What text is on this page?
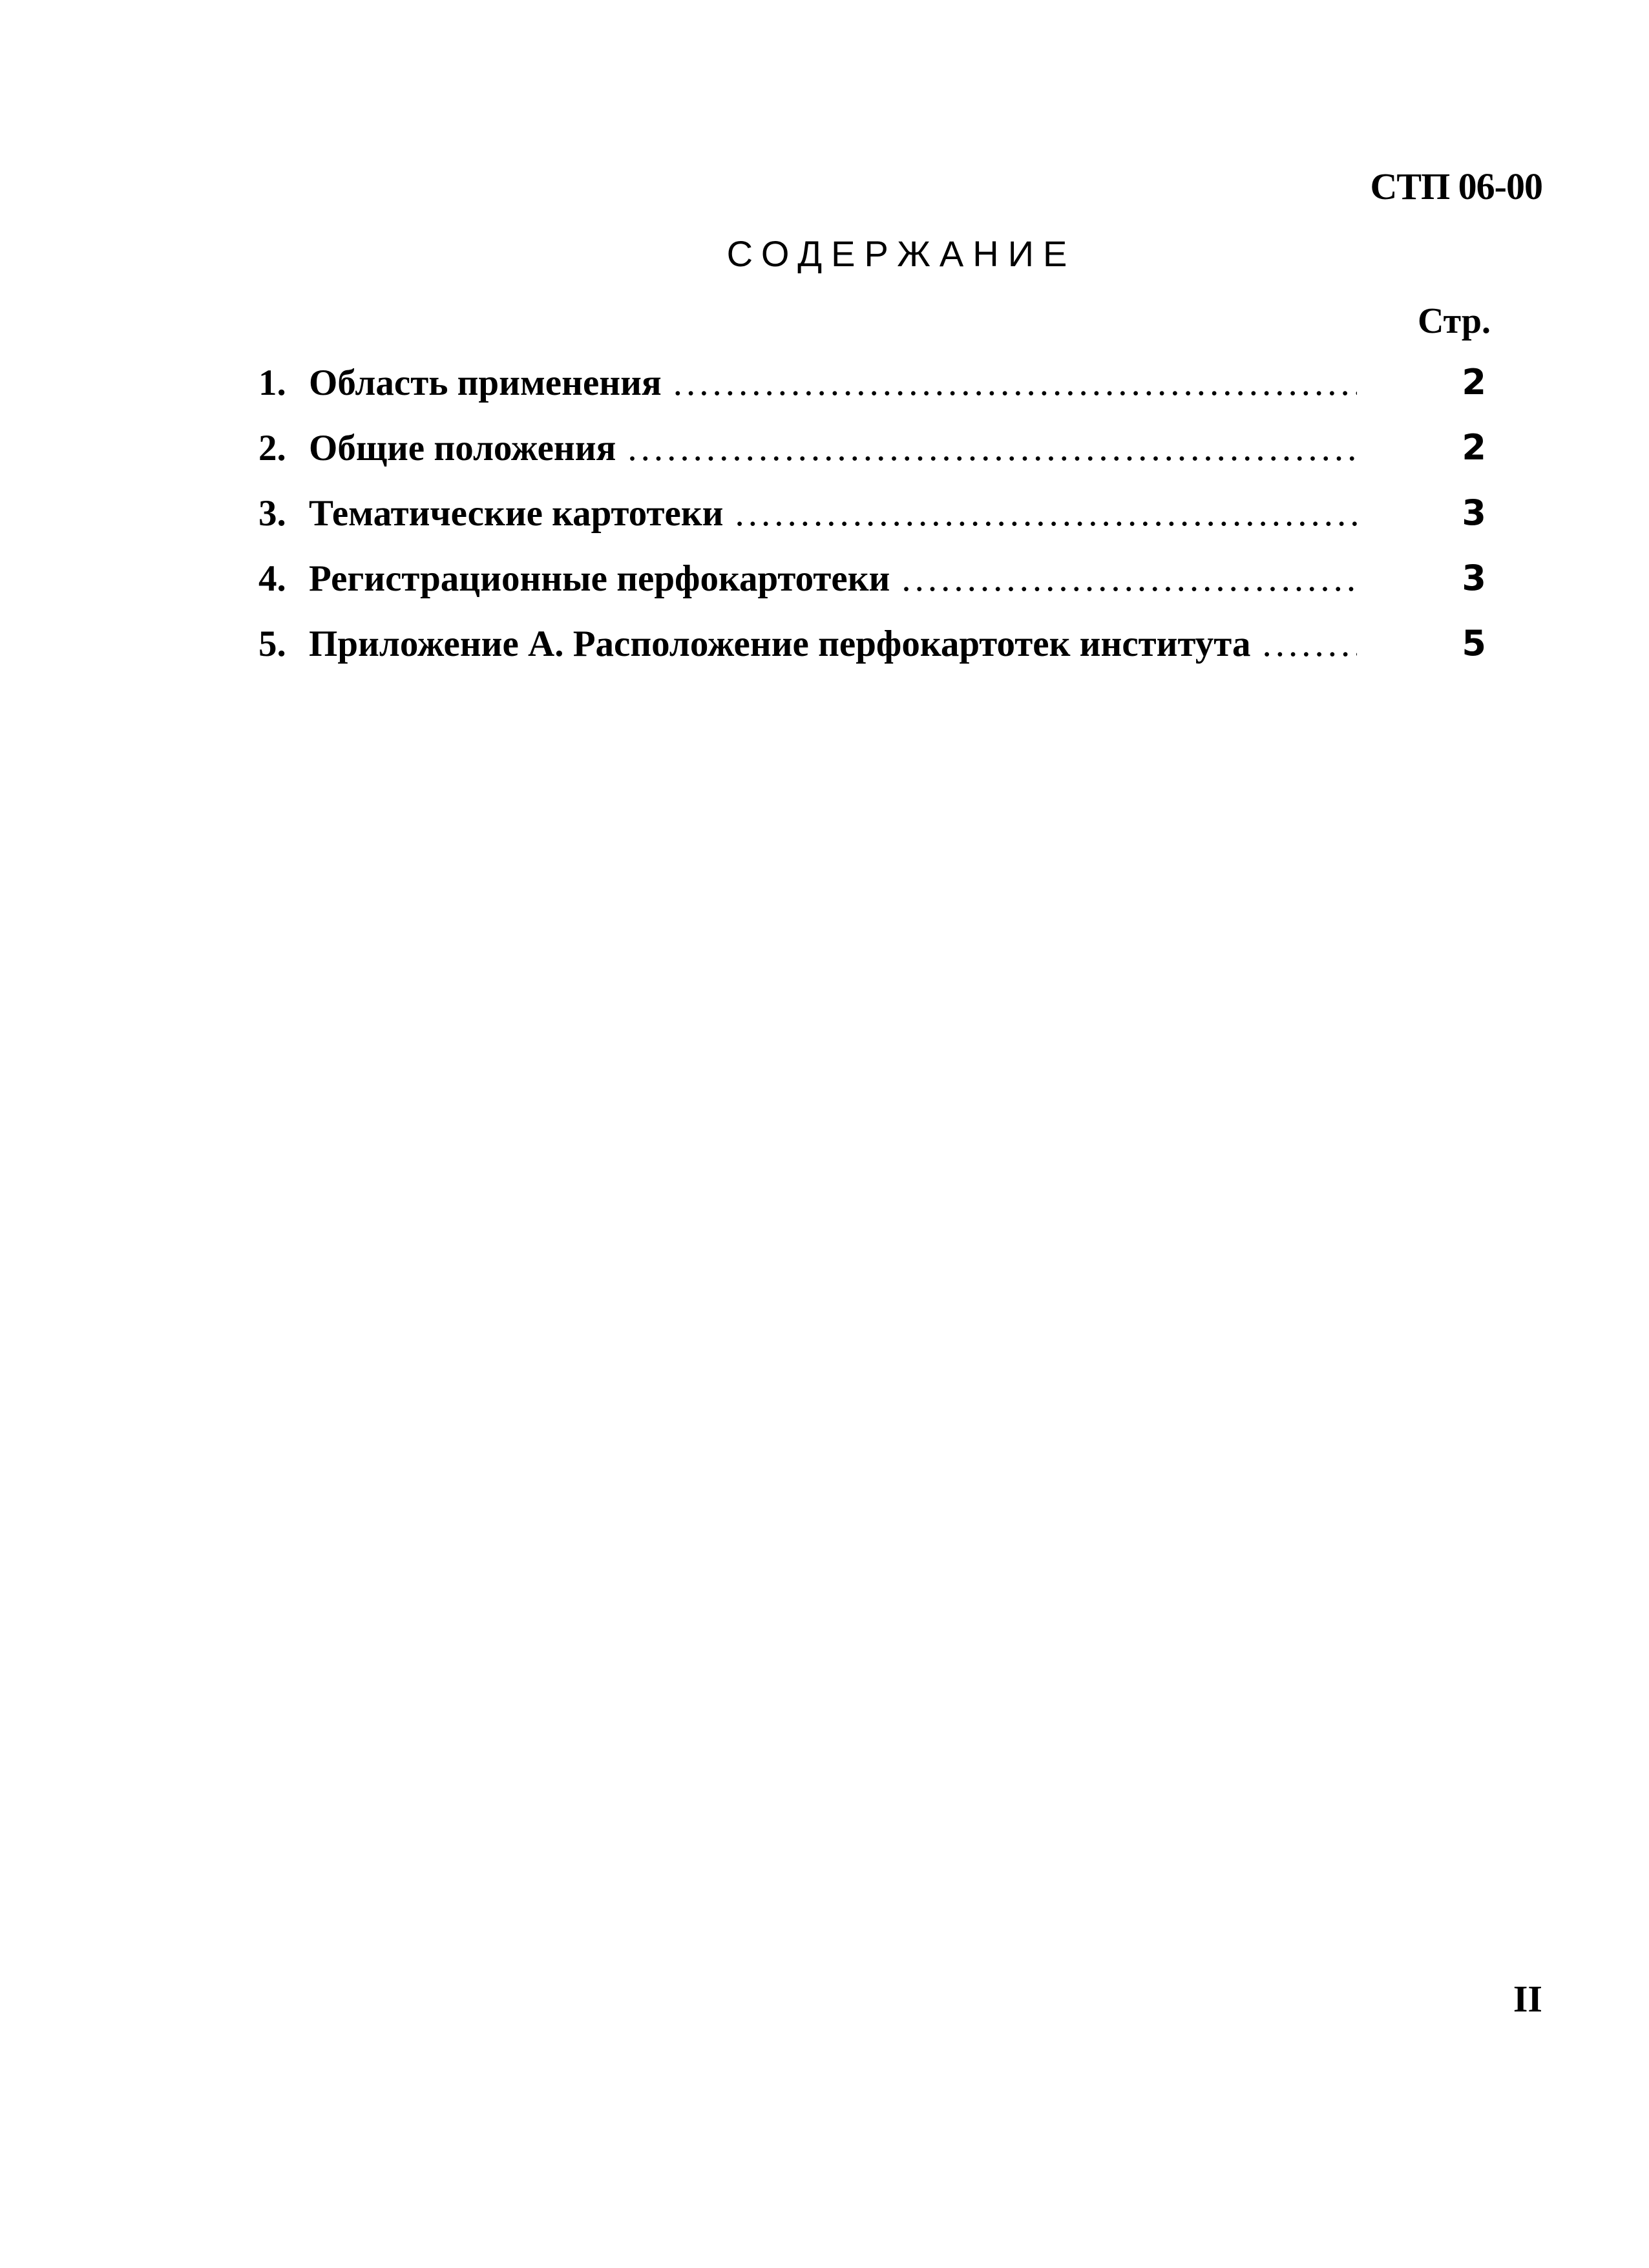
СТП 06-00
СОДЕРЖАНИЕ
Стр.
1. Область применения .....	2
2. Общие положения .....	2
3. Тематические картотеки .....	3
4. Регистрационные перфокартотеки .....	3
5. Приложение А. Расположение перфокартотек института .....	5
II
